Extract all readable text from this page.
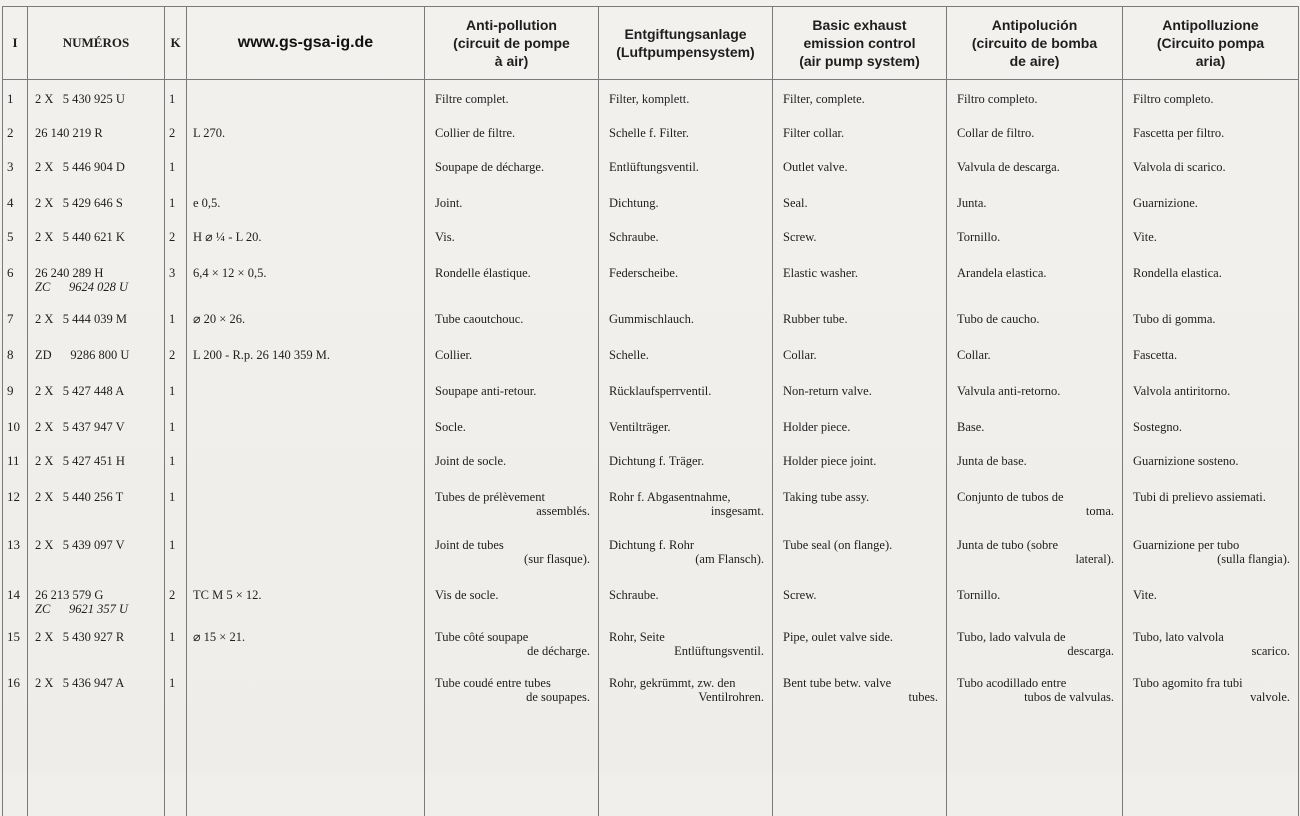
I	NUMÉROS	K	www.gs-gsa-ig.de	Anti-pollution
(circuit de pompe
à air)	Entgiftungsanlage
(Luftpumpensystem)	Basic exhaust
emission control
(air pump system)	Antipolución
(circuito de bomba
de aire)	Antipolluzione
(Circuito pompa
aria)

1	2 X   5 430 925 U	1		Filtre complet.	Filter, komplett.	Filter, complete.	Filtro completo.	Filtro completo.

2	26 140 219 R	2	L 270.	Collier de filtre.	Schelle f. Filter.	Filter collar.	Collar de filtro.	Fascetta per filtro.

3	2 X   5 446 904 D	1		Soupape de décharge.	Entlüftungsventil.	Outlet valve.	Valvula de descarga.	Valvola di scarico.

4	2 X   5 429 646 S	1	e 0,5.	Joint.	Dichtung.	Seal.	Junta.	Guarnizione.

5	2 X   5 440 621 K	2	H ⌀ ¼ - L 20.	Vis.	Schraube.	Screw.	Tornillo.	Vite.

6	26 240 289 H
ZC      9624 028 U	3	6,4 × 12 × 0,5.	Rondelle élastique.	Federscheibe.	Elastic washer.	Arandela elastica.	Rondella elastica.

7	2 X   5 444 039 M	1	⌀ 20 × 26.	Tube caoutchouc.	Gummischlauch.	Rubber tube.	Tubo de caucho.	Tubo di gomma.

8	ZD      9286 800 U	2	L 200 - R.p. 26 140 359 M.	Collier.	Schelle.	Collar.	Collar.	Fascetta.

9	2 X   5 427 448 A	1		Soupape anti-retour.	Rücklaufsperrventil.	Non-return valve.	Valvula anti-retorno.	Valvola antiritorno.

10	2 X   5 437 947 V	1		Socle.	Ventilträger.	Holder piece.	Base.	Sostegno.

11	2 X   5 427 451 H	1		Joint de socle.	Dichtung f. Träger.	Holder piece joint.	Junta de base.	Guarnizione sosteno.

12	2 X   5 440 256 T	1		Tubes de prélèvement
assemblés.	Rohr f. Abgasentnahme,
insgesamt.	Taking tube assy.	Conjunto de tubos de
toma.	Tubi di prelievo assiemati.

13	2 X   5 439 097 V	1		Joint de tubes
(sur flasque).	Dichtung f. Rohr
(am Flansch).	Tube seal (on flange).	Junta de tubo (sobre
lateral).	Guarnizione per tubo
(sulla flangia).

14	26 213 579 G
ZC      9621 357 U	2	TC M 5 × 12.	Vis de socle.	Schraube.	Screw.	Tornillo.	Vite.

15	2 X   5 430 927 R	1	⌀ 15 × 21.	Tube côté soupape
de décharge.	Rohr, Seite
Entlüftungsventil.	Pipe, oulet valve side.	Tubo, lado valvula de
descarga.	Tubo, lato valvola
scarico.

16	2 X   5 436 947 A	1		Tube coudé entre tubes
de soupapes.	Rohr, gekrümmt, zw. den
Ventilrohren.	Bent tube betw. valve
tubes.	Tubo acodillado entre
tubos de valvulas.	Tubo agomito fra tubi
valvole.
